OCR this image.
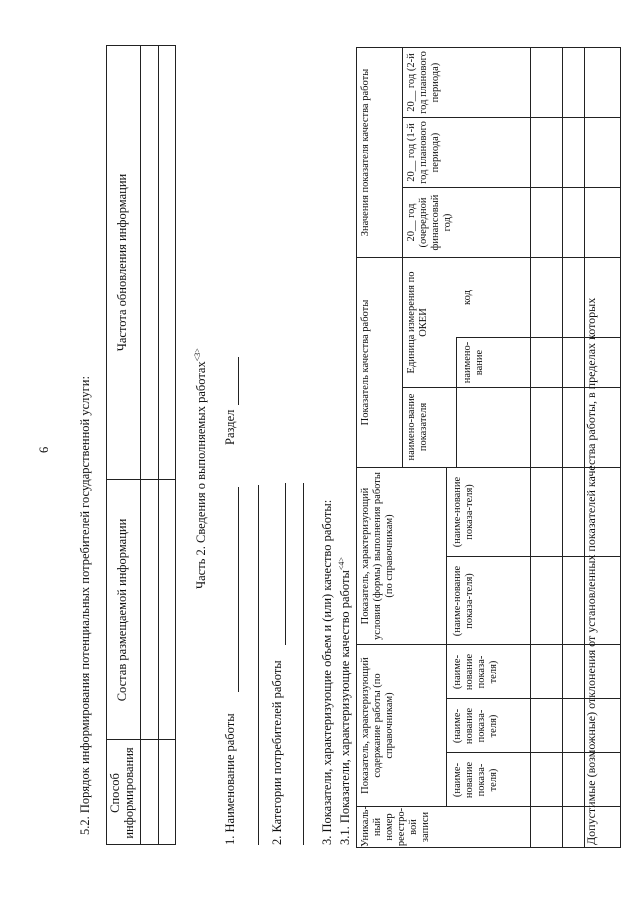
6 5.2. Порядок информирования потенциальных потребителей государственной услуги: Способ информирования
Состав размещаемой информации
Частота обновления информации
Часть 2. Сведения о выполняемых работах$^{<3>}$
Раздел
1. Наименование работы	2. Категории потребителей работы	3. Показатели, характеризующие объем и (или) качество работы: 3.1. Показатели, характеризующие качество работы$^{<4>}$
Уникаль-ный номер реестро-вой записи
Показатель, характеризующий содержание работы (по справочникам)
Показатель, характеризующий условия (формы) выполнения работы (по справочникам)
Показатель качества работы
Значения показателя качества работы
(наиме-нование показа-теля)
(наиме-нование показа-теля)
(наиме-нование показа-теля)
(наиме-нование показа-теля)
(наиме-нование показа-теля)
наимено-вание показателя
Единица измерения по ОКЕИ
наимено-вание
код
20__ год (очередной финансовый год)
20__ год (1-й год планового периода)
20__ год (2-й год планового периода)
Допустимые (возможные) отклонения от установленных показателей качества работы, в пределах которых
